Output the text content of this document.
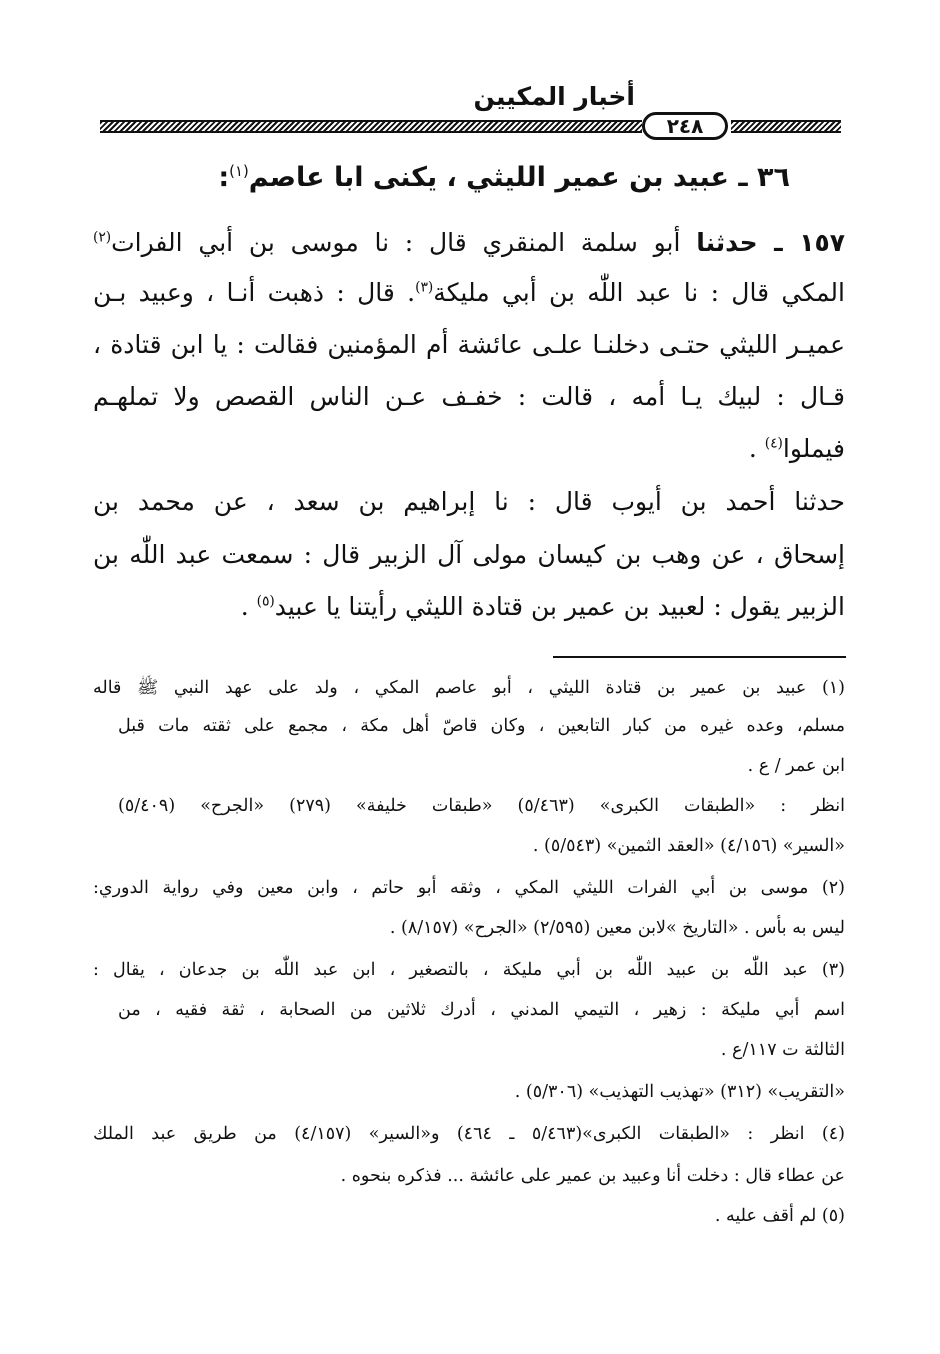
أخبار المكيين
٢٤٨
٣٦ ـ عبيد بن عمير الليثي ، يكنى ابا عاصم$^{(١)}$:
١٥٧ ـ حدثنا أبو سلمة المنقري قال : نا موسى بن أبي الفرات$^{(٢)}$
المكي قال : نا عبد اللّٰه بن أبي مليكة$^{(٣)}$. قال : ذهبت أنـا ، وعبيد بـن
عميـر الليثي حتـى دخلنـا علـى عائشة أم المؤمنين فقالت : يا ابن قتادة ،
قـال : لبيك يـا أمه ، قالت : خفـف عـن الناس القصص ولا تملهـم
فيملوا$^{(٤)}$ .
حدثنا أحمد بن أيوب قال : نا إبراهيم بن سعد ، عن محمد بن
إسحاق ، عن وهب بن كيسان مولى آل الزبير قال : سمعت عبد اللّٰه بن
الزبير يقول : لعبيد بن عمير بن قتادة الليثي رأيتنا يا عبيد$^{(٥)}$ .
(١) عبيد بن عمير بن قتادة الليثي ، أبو عاصم المكي ، ولد على عهد النبي ﷺ قاله
مسلم، وعده غيره من كبار التابعين ، وكان قاصّ أهل مكة ، مجمع على ثقته مات قبل
ابن عمر / ع .
انظر : «الطبقات الكبرى» (٥/٤٦٣) «طبقات خليفة» (٢٧٩) «الجرح» (٥/٤٠٩)
«السير» (٤/١٥٦) «العقد الثمين» (٥/٥٤٣) .
(٢) موسى بن أبي الفرات الليثي المكي ، وثقه أبو حاتم ، وابن معين وفي رواية الدوري:
ليس به بأس . «التاريخ »لابن معين (٢/٥٩٥) «الجرح» (٨/١٥٧) .
(٣) عبد اللّٰه بن عبيد اللّٰه بن أبي مليكة ، بالتصغير ، ابن عبد اللّٰه بن جدعان ، يقال :
اسم أبي مليكة : زهير ، التيمي المدني ، أدرك ثلاثين من الصحابة ، ثقة فقيه ، من
الثالثة ت ١١٧/ع .
«التقريب» (٣١٢) «تهذيب التهذيب» (٥/٣٠٦) .
(٤) انظر : «الطبقات الكبرى»(٥/٤٦٣ ـ ٤٦٤) و«السير» (٤/١٥٧) من طريق عبد الملك
عن عطاء قال : دخلت أنا وعبيد بن عمير على عائشة ... فذكره بنحوه .
(٥) لم أقف عليه .
